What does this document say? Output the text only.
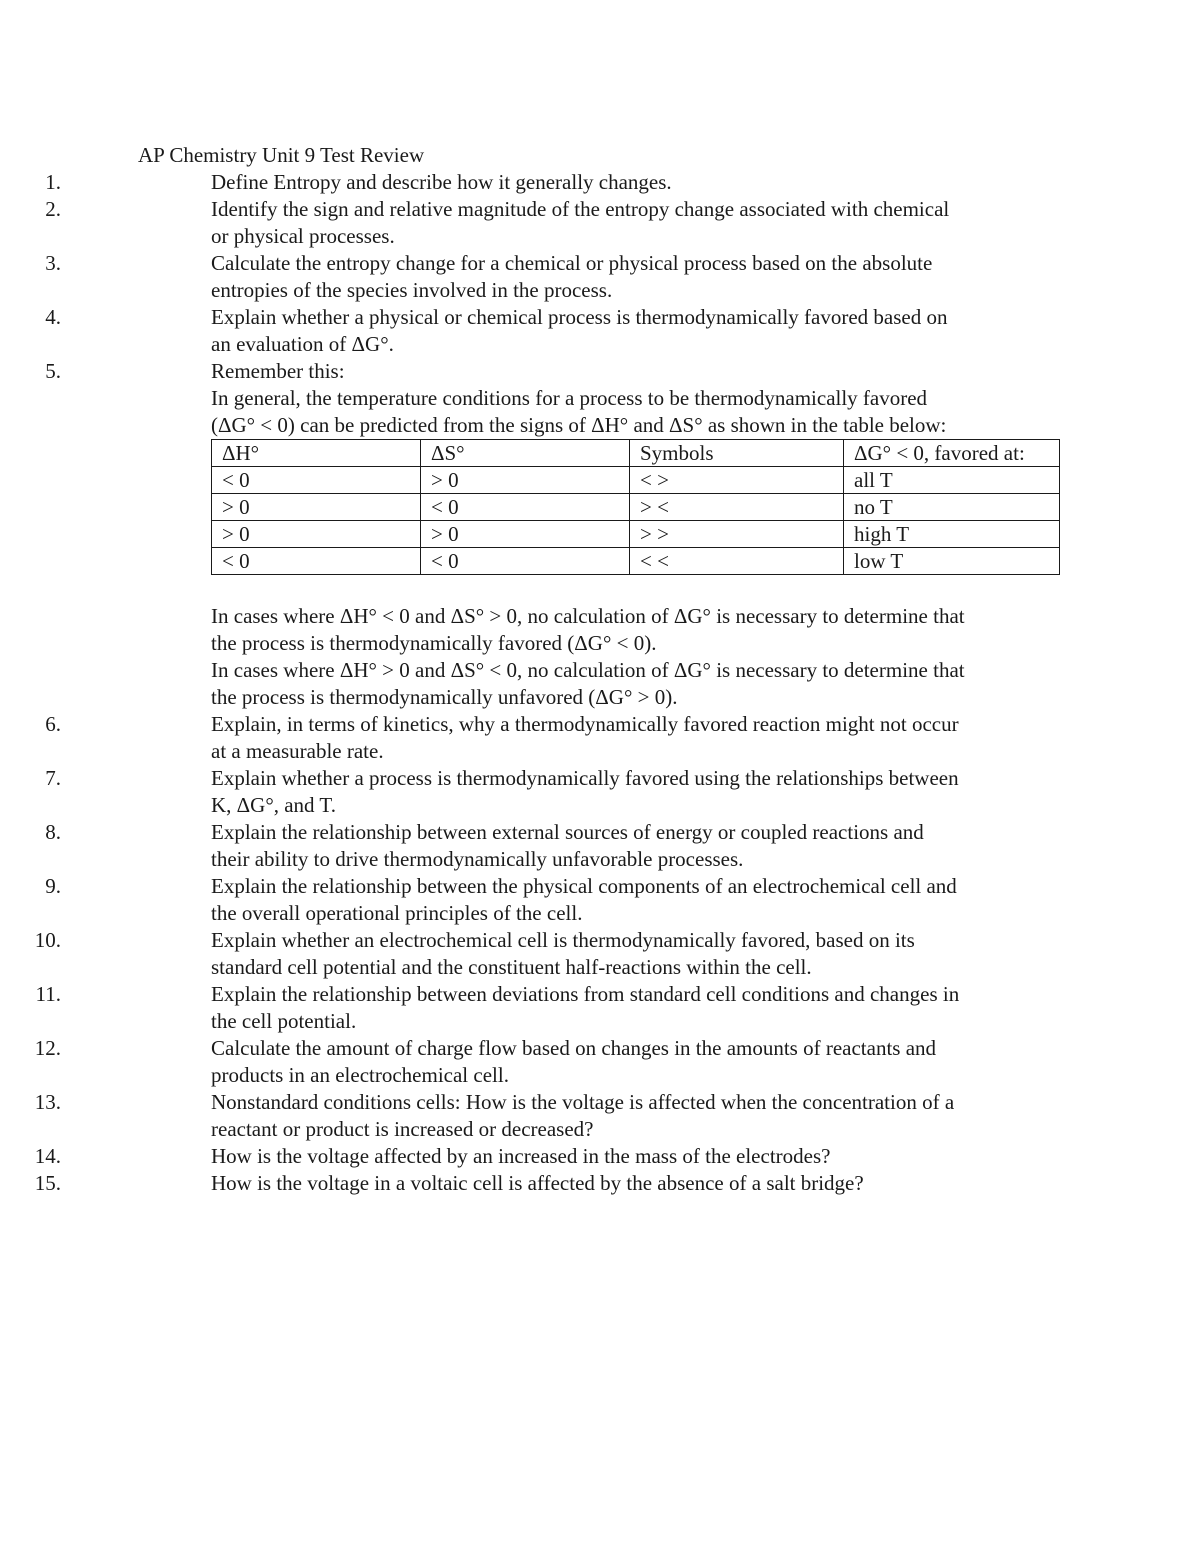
AP Chemistry Unit 9 Test Review
1.	Define Entropy and describe how it generally changes.
2.	Identify the sign and relative magnitude of the entropy change associated with chemical
or physical processes.
3.	Calculate the entropy change for a chemical or physical process based on the absolute
entropies of the species involved in the process.
4.	Explain whether a physical or chemical process is thermodynamically favored based on
an evaluation of ΔG°.
5.	Remember this:
In general, the temperature conditions for a process to be thermodynamically favored
(ΔG° < 0) can be predicted from the signs of ΔH° and ΔS° as shown in the table below:
ΔH°	ΔS°	Symbols	ΔG° < 0, favored at:
< 0	> 0	< >	all T
> 0	< 0	> <	no T
> 0	> 0	> >	high T
< 0	< 0	< <	low T
In cases where ΔH° < 0 and ΔS° > 0, no calculation of ΔG° is necessary to determine that
the process is thermodynamically favored (ΔG° < 0).
In cases where ΔH° > 0 and ΔS° < 0, no calculation of ΔG° is necessary to determine that
the process is thermodynamically unfavored (ΔG° > 0).
6.	Explain, in terms of kinetics, why a thermodynamically favored reaction might not occur
at a measurable rate.
7.	Explain whether a process is thermodynamically favored using the relationships between
K, ΔG°, and T.
8.	Explain the relationship between external sources of energy or coupled reactions and
their ability to drive thermodynamically unfavorable processes.
9.	Explain the relationship between the physical components of an electrochemical cell and
the overall operational principles of the cell.
10.	Explain whether an electrochemical cell is thermodynamically favored, based on its
standard cell potential and the constituent half-reactions within the cell.
11.	Explain the relationship between deviations from standard cell conditions and changes in
the cell potential.
12.	Calculate the amount of charge flow based on changes in the amounts of reactants and
products in an electrochemical cell.
13.	Nonstandard conditions cells: How is the voltage is affected when the concentration of a
reactant or product is increased or decreased?
14.	How is the voltage affected by an increased in the mass of the electrodes?
15.	How is the voltage in a voltaic cell is affected by the absence of a salt bridge?
